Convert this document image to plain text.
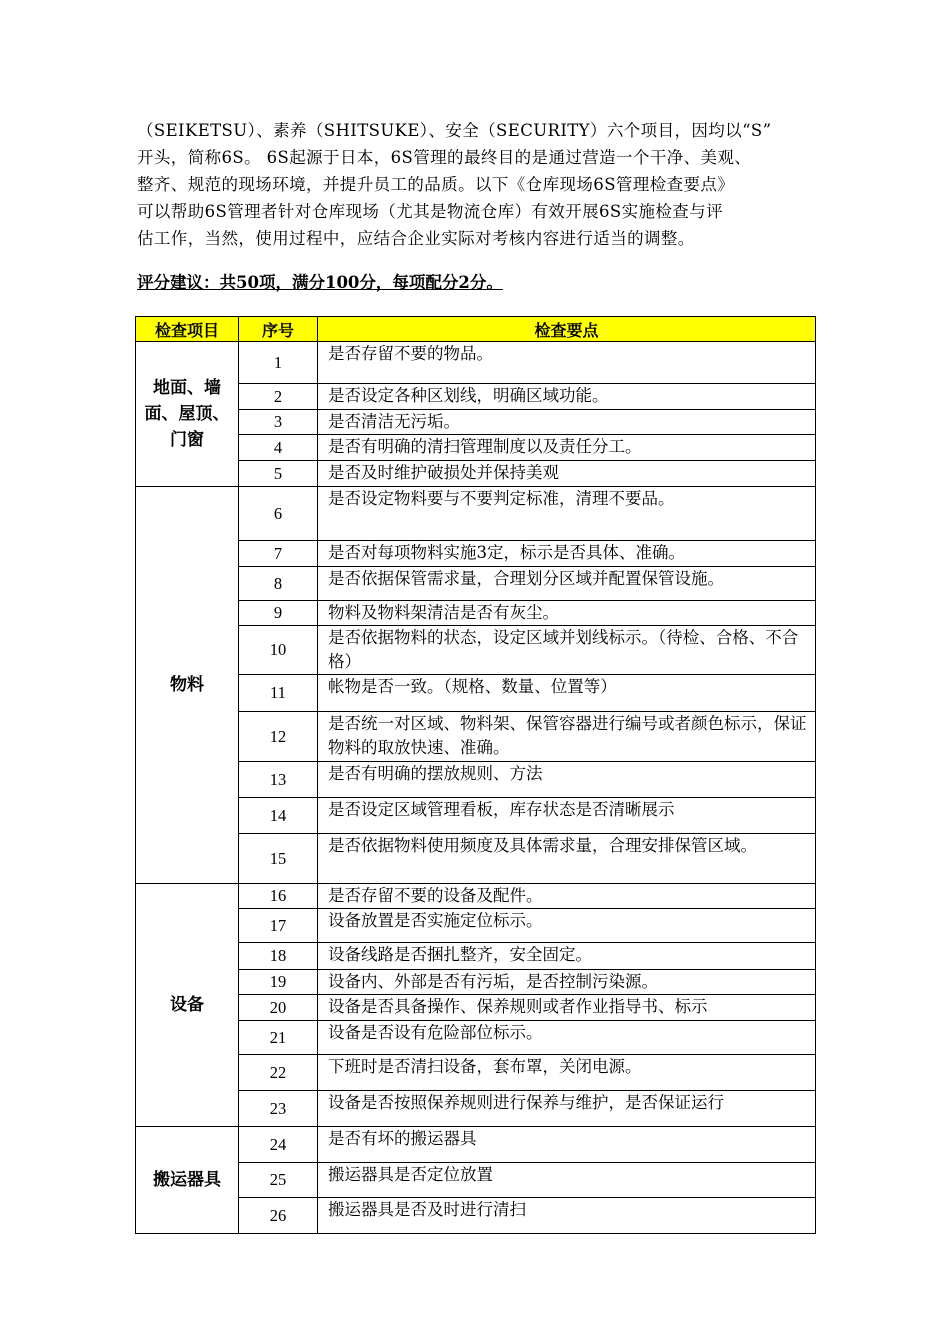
（SEIKETSU）、素养（SHITSUKE）、安全（SECURITY）六个项目，因均以“S”

开头，简称6S。 6S起源于日本，6S管理的最终目的是通过营造一个干净、美观、

整齐、规范的现场环境，并提升员工的品质。以下《仓库现场6S管理检查要点》

可以帮助6S管理者针对仓库现场（尤其是物流仓库）有效开展6S实施检查与评

估工作，当然，使用过程中，应结合企业实际对考核内容进行适当的调整。

评分建议：共50项，满分100分，每项配分2分。
检查项目	序号	检查要点
地面、墙面、屋顶、门窗	1	是否存留不要的物品。
	2	是否设定各种区划线，明确区域功能。
	3	是否清洁无污垢。
	4	是否有明确的清扫管理制度以及责任分工。
	5	是否及时维护破损处并保持美观
物料	6	是否设定物料要与不要判定标准，清理不要品。
	7	是否对每项物料实施3定，标示是否具体、准确。
	8	是否依据保管需求量，合理划分区域并配置保管设施。
	9	物料及物料架清洁是否有灰尘。
	10	是否依据物料的状态，设定区域并划线标示。（待检、合格、不合格）
	11	帐物是否一致。（规格、数量、位置等）
	12	是否统一对区域、物料架、保管容器进行编号或者颜色标示，保证物料的取放快速、准确。
	13	是否有明确的摆放规则、方法
	14	是否设定区域管理看板，库存状态是否清晰展示
	15	是否依据物料使用频度及具体需求量，合理安排保管区域。
设备	16	是否存留不要的设备及配件。
	17	设备放置是否实施定位标示。
	18	设备线路是否捆扎整齐，安全固定。
	19	设备内、外部是否有污垢，是否控制污染源。
	20	设备是否具备操作、保养规则或者作业指导书、标示
	21	设备是否设有危险部位标示。
	22	下班时是否清扫设备，套布罩，关闭电源。
	23	设备是否按照保养规则进行保养与维护，是否保证运行
搬运器具	24	是否有坏的搬运器具
	25	搬运器具是否定位放置
	26	搬运器具是否及时进行清扫
